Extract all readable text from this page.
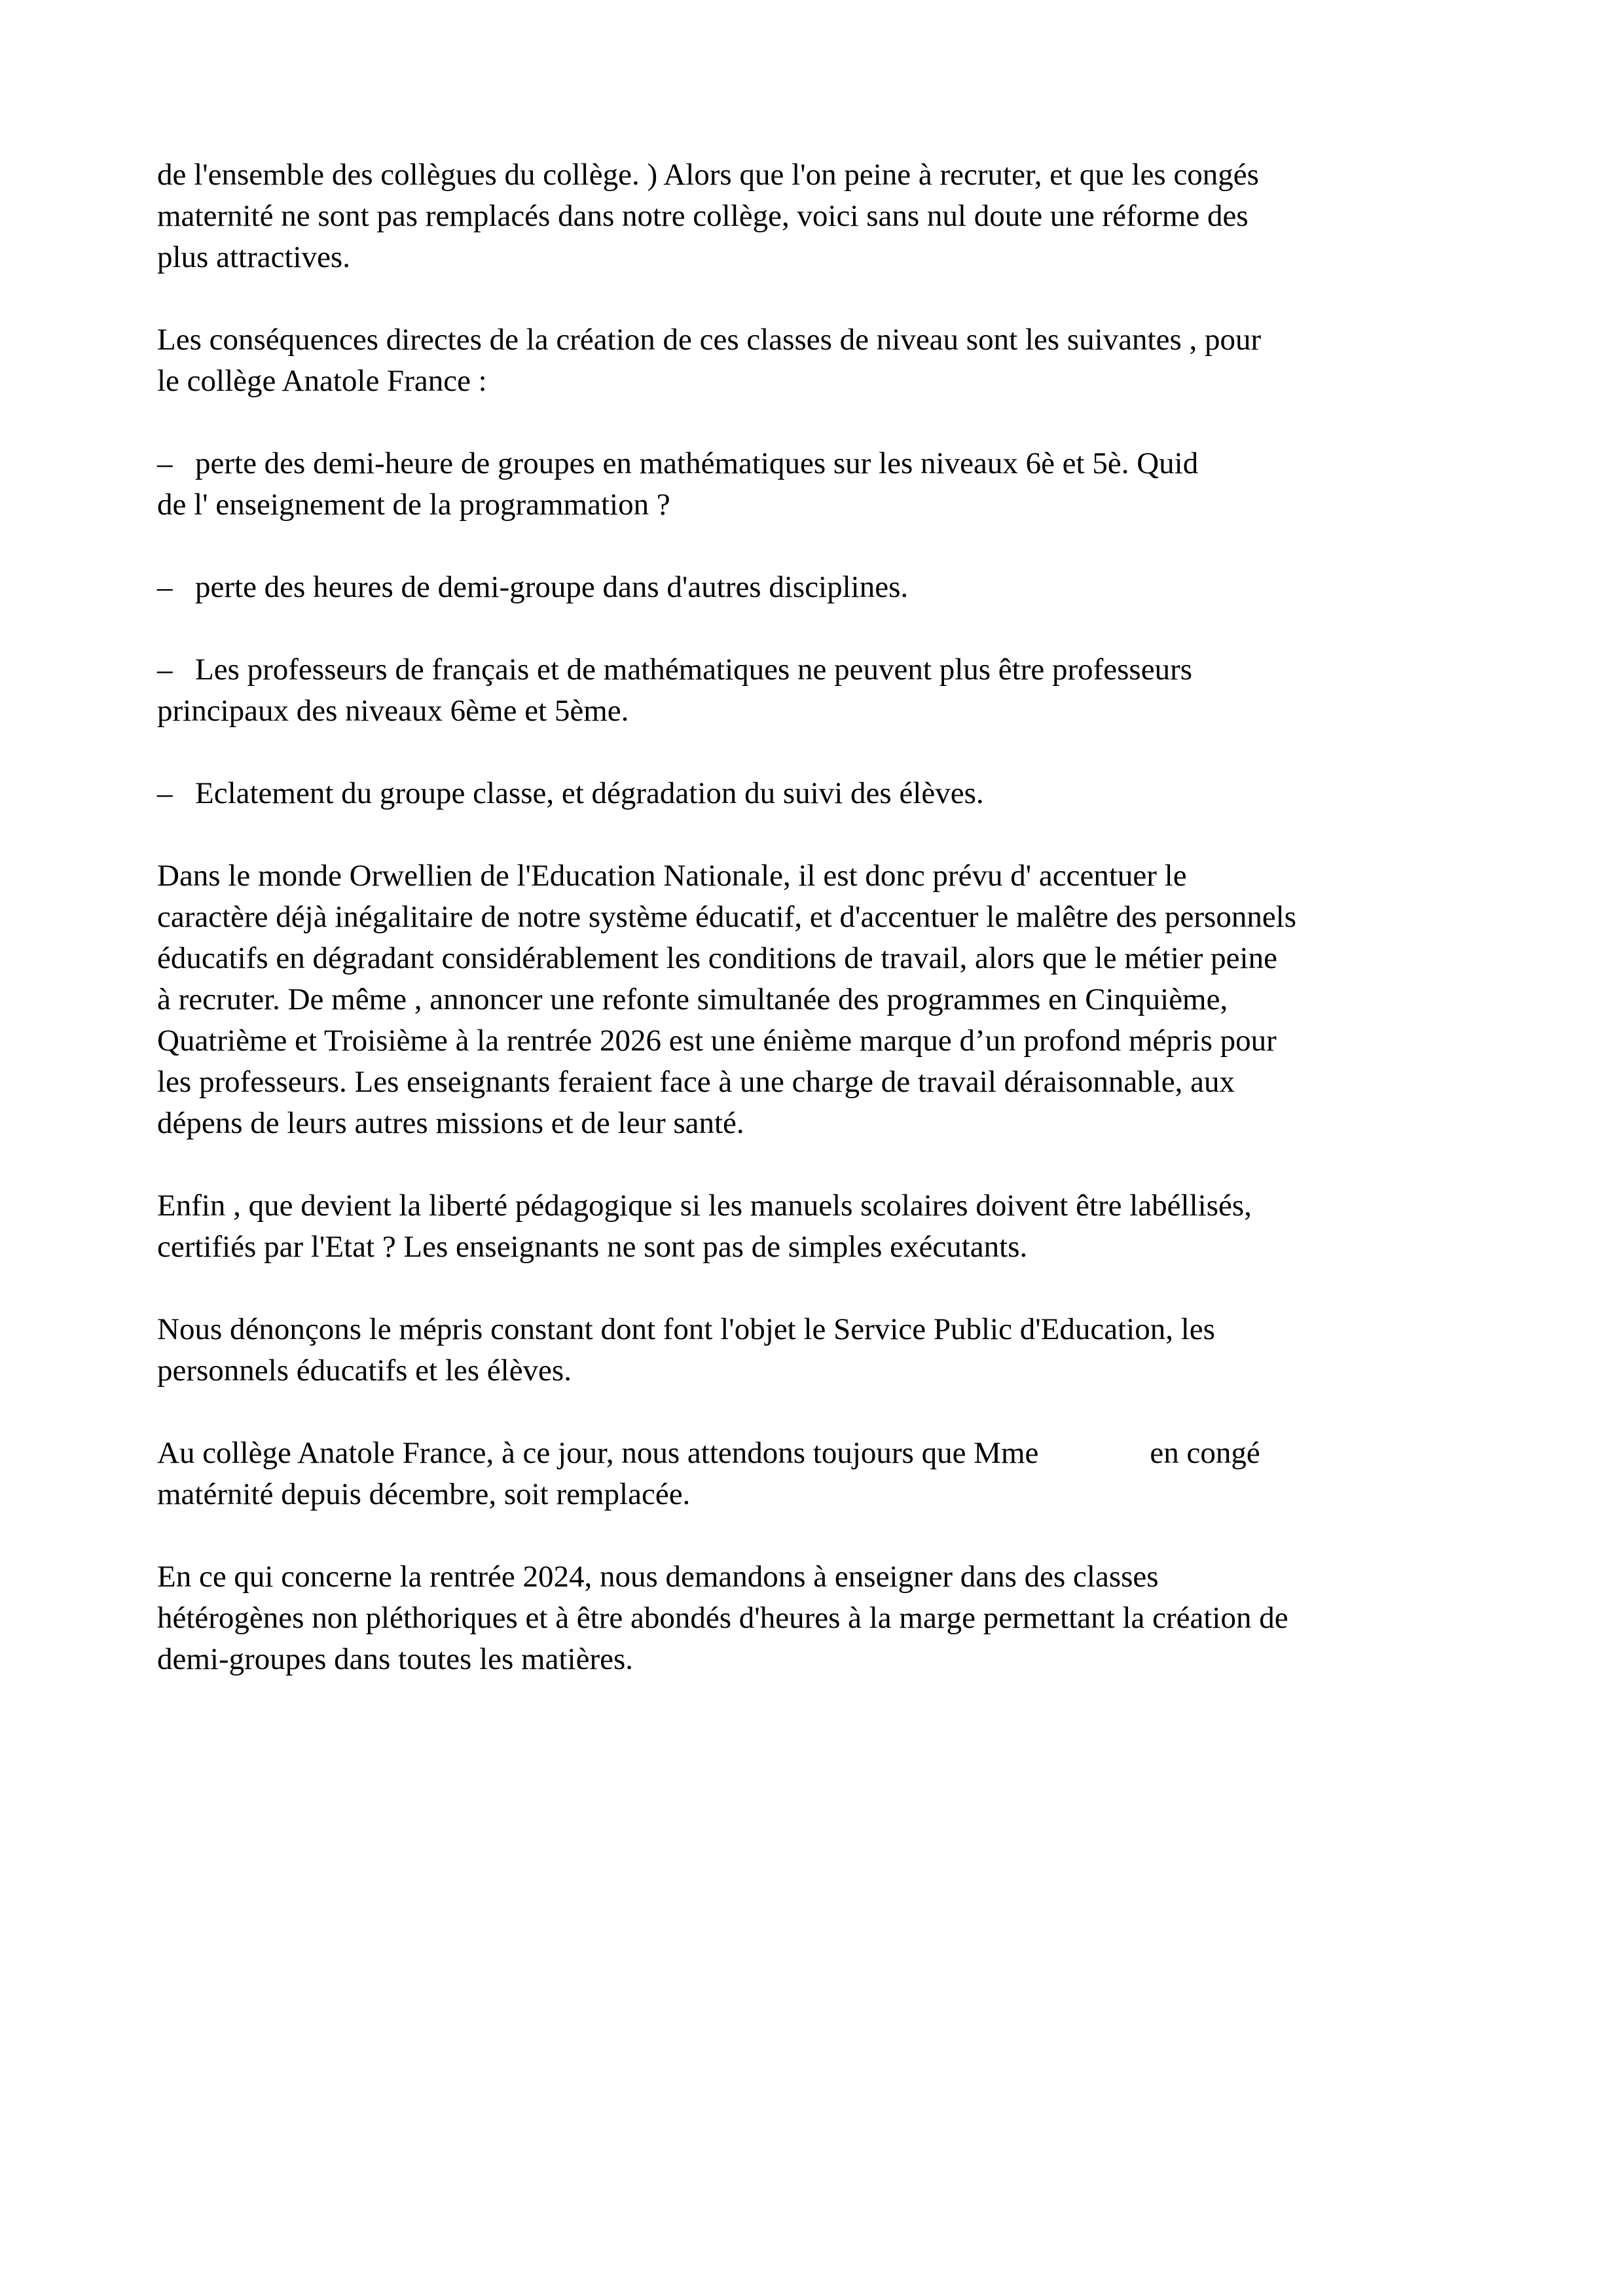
de l'ensemble des collègues du collège. ) Alors que l'on peine à recruter, et que les congés
maternité ne sont pas remplacés dans notre collège, voici sans nul doute une réforme des
plus attractives.

Les conséquences directes de la création de ces classes de niveau sont les suivantes , pour
le collège Anatole France :

– perte des demi-heure de groupes en mathématiques sur les niveaux 6è et 5è. Quid
de l' enseignement de la programmation ?

– perte des heures de demi-groupe dans d'autres disciplines.

– Les professeurs de français et de mathématiques ne peuvent plus être professeurs
principaux des niveaux 6ème et 5ème.

– Eclatement du groupe classe, et dégradation du suivi des élèves.

Dans le monde Orwellien de l'Education Nationale, il est donc prévu d' accentuer le
caractère déjà inégalitaire de notre système éducatif, et d'accentuer le malêtre des personnels
éducatifs en dégradant considérablement les conditions de travail, alors que le métier peine
à recruter. De même , annoncer une refonte simultanée des programmes en Cinquième,
Quatrième et Troisième à la rentrée 2026 est une énième marque d’un profond mépris pour
les professeurs. Les enseignants feraient face à une charge de travail déraisonnable, aux
dépens de leurs autres missions et de leur santé.

Enfin , que devient la liberté pédagogique si les manuels scolaires doivent être labéllisés,
certifiés par l'Etat ? Les enseignants ne sont pas de simples exécutants.

Nous dénonçons le mépris constant dont font l'objet le Service Public d'Education, les
personnels éducatifs et les élèves.

Au collège Anatole France, à ce jour, nous attendons toujours que Mme	en congé
matérnité depuis décembre, soit remplacée.

En ce qui concerne la rentrée 2024, nous demandons à enseigner dans des classes
hétérogènes non pléthoriques et à être abondés d'heures à la marge permettant la création de
demi-groupes dans toutes les matières.
